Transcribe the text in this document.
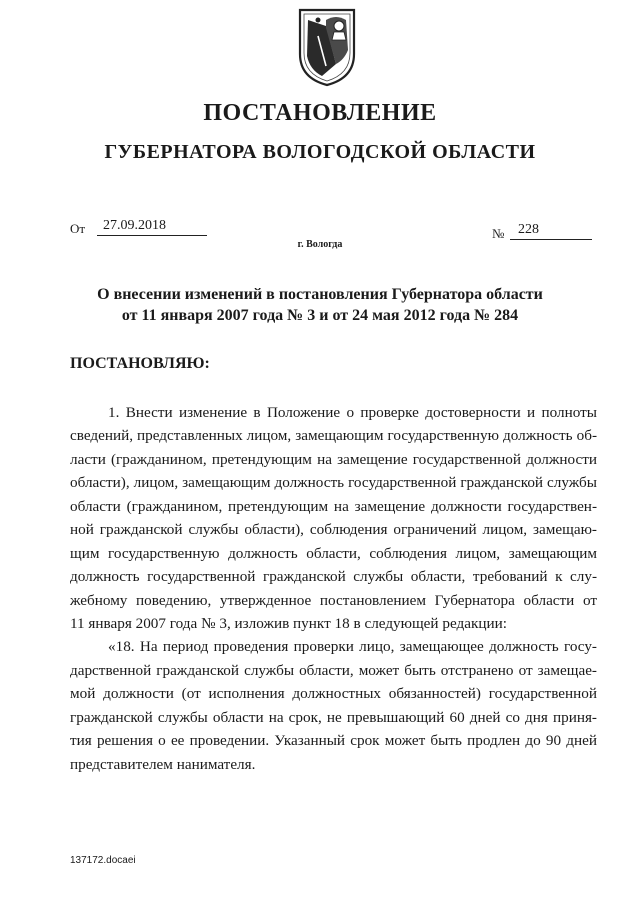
ПОСТАНОВЛЕНИЕ
ГУБЕРНАТОРА ВОЛОГОДСКОЙ ОБЛАСТИ
От	27.09.2018
№ 228
г. Вологда
О внесении изменений в постановления Губернатора области
от 11 января 2007 года № 3 и от 24 мая 2012 года № 284
ПОСТАНОВЛЯЮ:
1. Внести изменение в Положение о проверке достоверности и полноты
сведений, представленных лицом, замещающим государственную должность об-
ласти (гражданином, претендующим на замещение государственной должности
области), лицом, замещающим должность государственной гражданской службы
области (гражданином, претендующим на замещение должности государствен-
ной гражданской службы области), соблюдения ограничений лицом, замещаю-
щим государственную должность области, соблюдения лицом, замещающим
должность государственной гражданской службы области, требований к слу-
жебному поведению, утвержденное постановлением Губернатора области от
11 января 2007 года № 3, изложив пункт 18 в следующей редакции:
«18. На период проведения проверки лицо, замещающее должность госу-
дарственной гражданской службы области, может быть отстранено от замещае-
мой должности (от исполнения должностных обязанностей) государственной
гражданской службы области на срок, не превышающий 60 дней со дня приня-
тия решения о ее проведении. Указанный срок может быть продлен до 90 дней
представителем нанимателя.
137172.docaei
